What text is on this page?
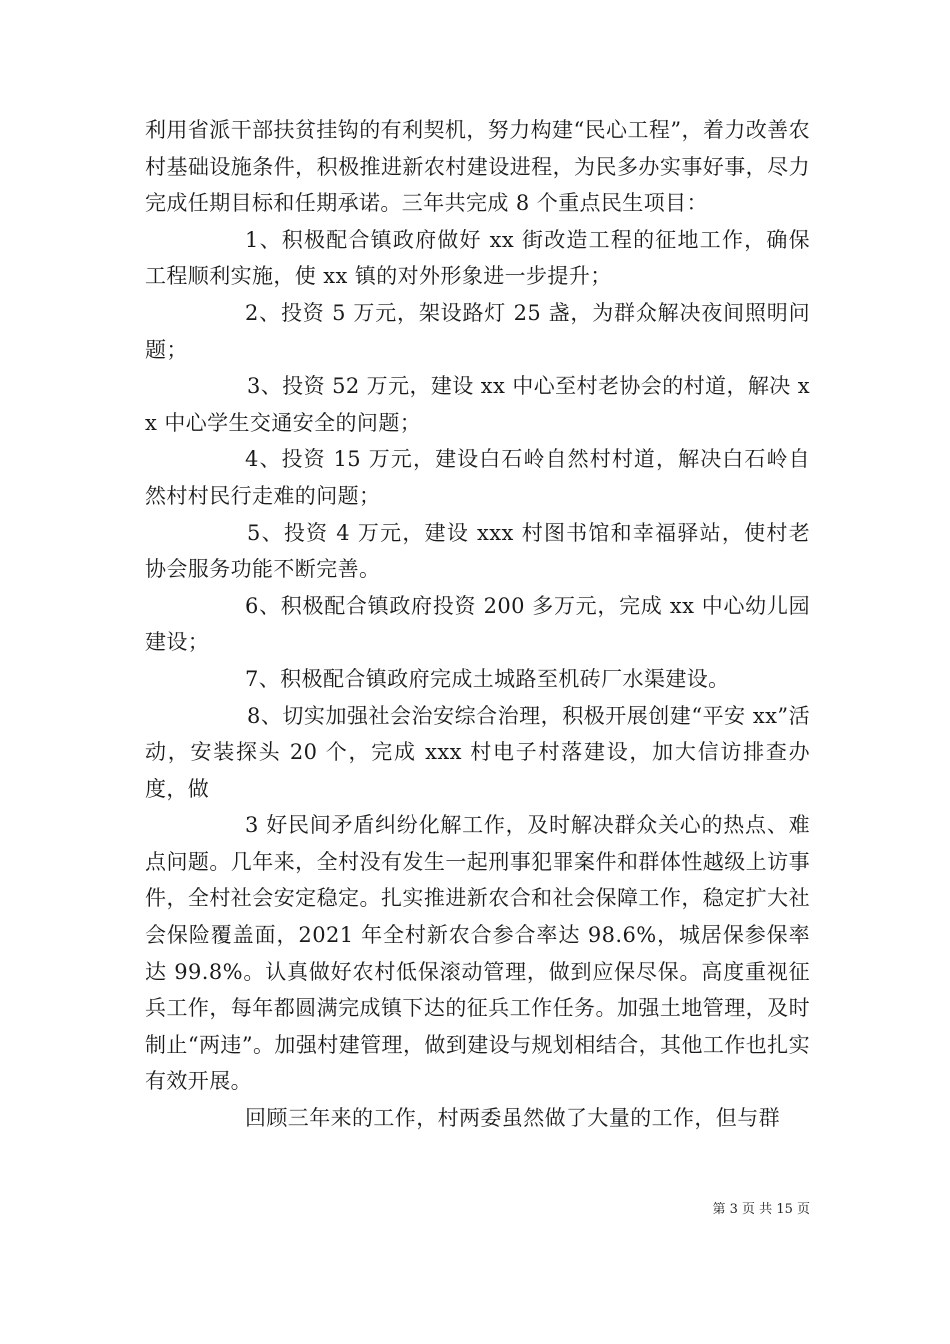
利用省派干部扶贫挂钩的有利契机，努力构建“民心工程”，着力改善农村基础设施条件，积极推进新农村建设进程，为民多办实事好事，尽力完成任期目标和任期承诺。三年共完成 8 个重点民生项目：

1、积极配合镇政府做好 xx 街改造工程的征地工作，确保工程顺利实施，使 xx 镇的对外形象进一步提升；

2、投资 5 万元，架设路灯 25 盏，为群众解决夜间照明问题；

3、投资 52 万元，建设 xx 中心至村老协会的村道，解决 xx 中心学生交通安全的问题；

4、投资 15 万元，建设白石岭自然村村道，解决白石岭自然村村民行走难的问题；

5、投资 4 万元，建设 xxx 村图书馆和幸福驿站，使村老协会服务功能不断完善。

6、积极配合镇政府投资 200 多万元，完成 xx 中心幼儿园建设；

7、积极配合镇政府完成土城路至机砖厂水渠建设。

8、切实加强社会治安综合治理，积极开展创建“平安 xx”活动，安装探头 20 个，完成 xxx 村电子村落建设，加大信访排查办度，做

3 好民间矛盾纠纷化解工作，及时解决群众关心的热点、难点问题。几年来，全村没有发生一起刑事犯罪案件和群体性越级上访事件，全村社会安定稳定。扎实推进新农合和社会保障工作，稳定扩大社会保险覆盖面，2021 年全村新农合参合率达 98.6%，城居保参保率达 99.8%。认真做好农村低保滚动管理，做到应保尽保。高度重视征兵工作，每年都圆满完成镇下达的征兵工作任务。加强土地管理，及时制止“两违”。加强村建管理，做到建设与规划相结合，其他工作也扎实有效开展。

回顾三年来的工作，村两委虽然做了大量的工作，但与群

第 3 页 共 15 页
